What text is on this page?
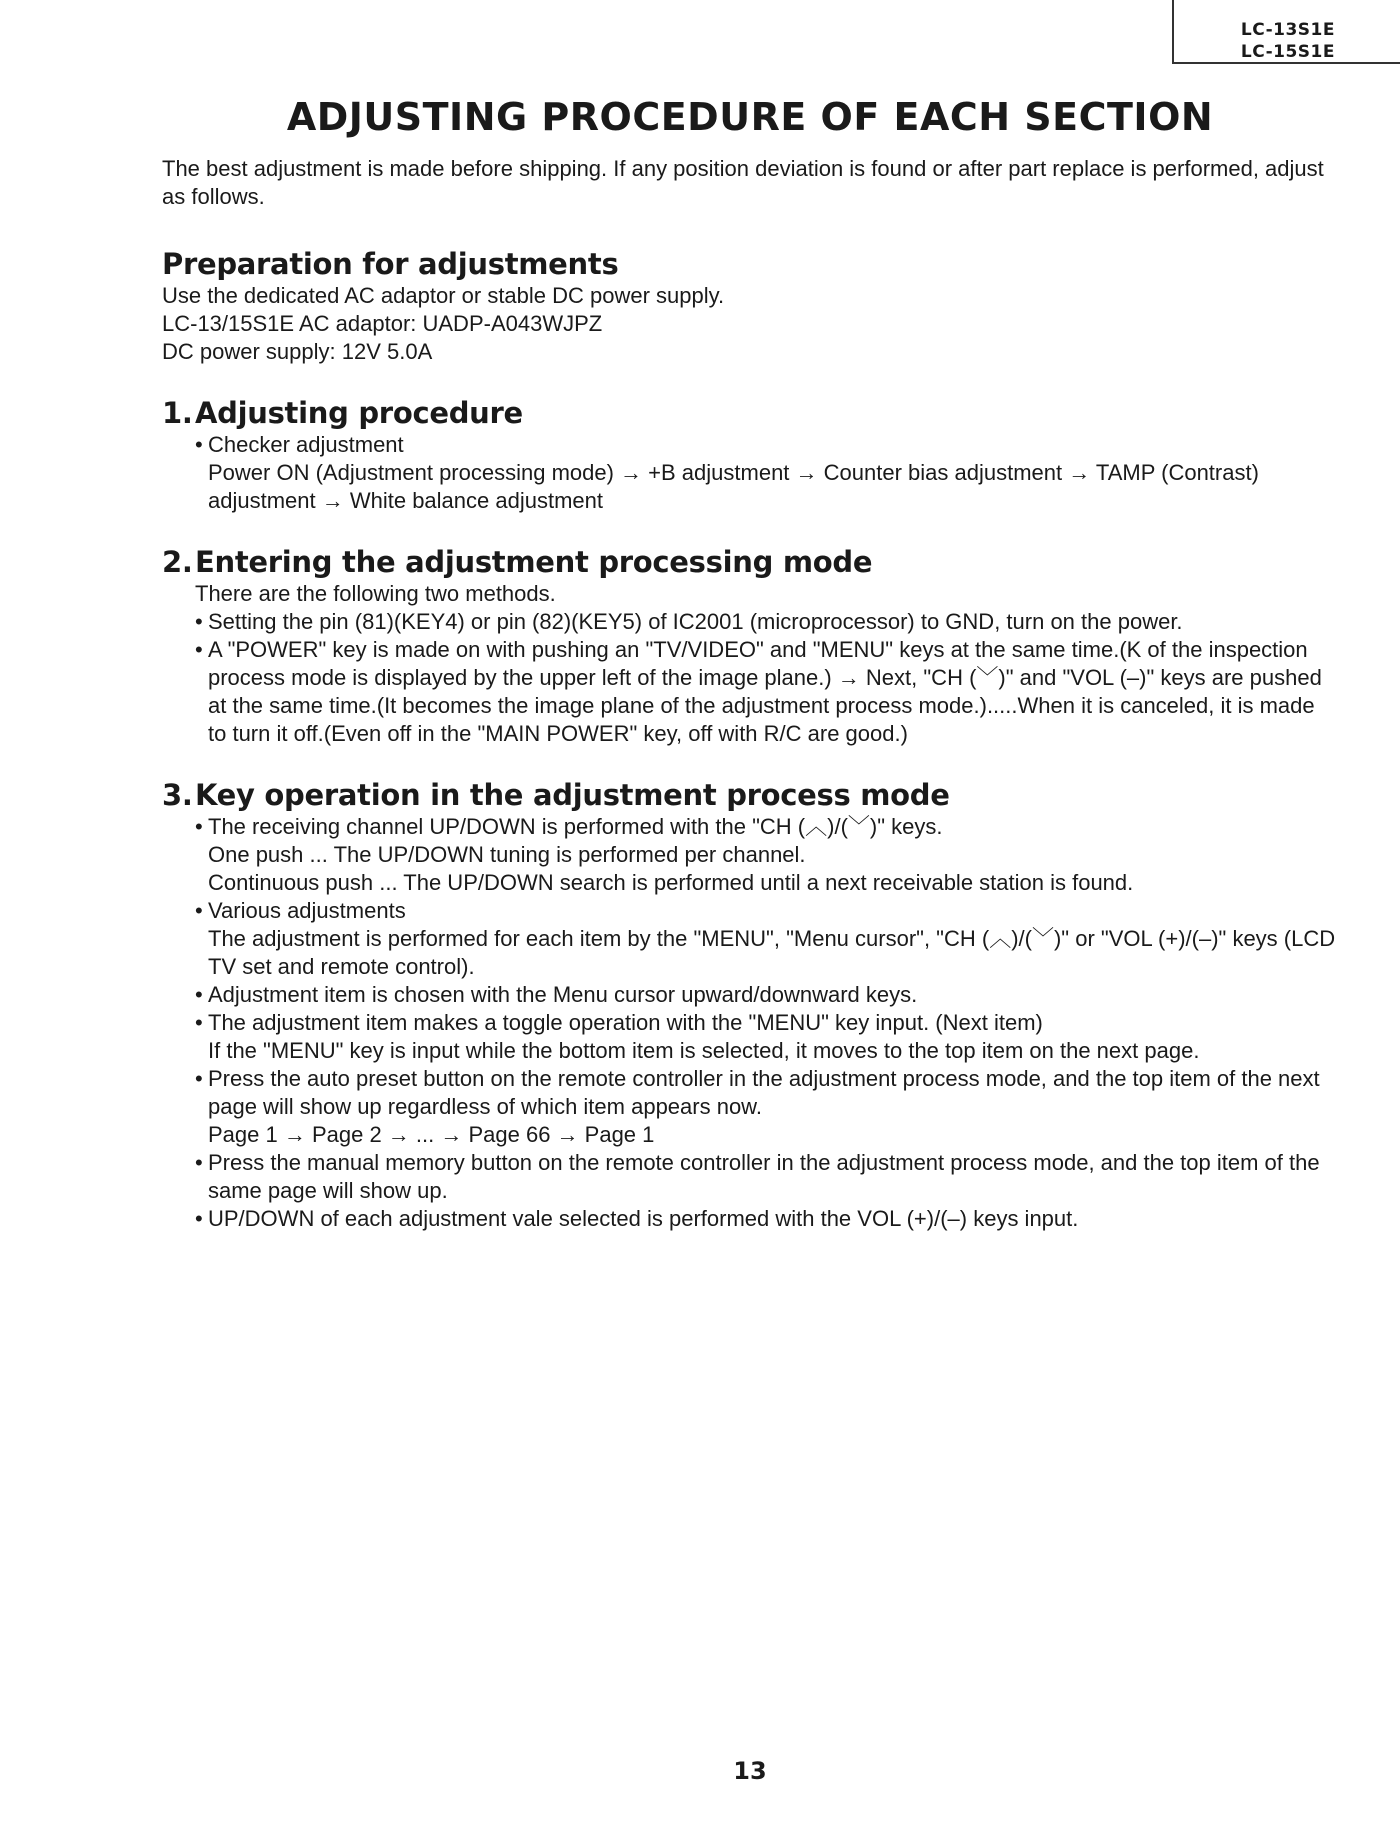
LC-13S1E
LC-15S1E
ADJUSTING PROCEDURE OF EACH SECTION

The best adjustment is made before shipping. If any position deviation is found or after part replace is performed, adjust as follows.

Preparation for adjustments
Use the dedicated AC adaptor or stable DC power supply.
LC-13/15S1E AC adaptor: UADP-A043WJPZ
DC power supply: 12V 5.0A
1.Adjusting procedure
• Checker adjustment
Power ON (Adjustment processing mode) → +B adjustment → Counter bias adjustment → TAMP (Contrast) adjustment → White balance adjustment
2.Entering the adjustment processing mode
There are the following two methods.
• Setting the pin (81)(KEY4) or pin (82)(KEY5) of IC2001 (microprocessor) to GND, turn on the power.
• A "POWER" key is made on with pushing an "TV/VIDEO" and "MENU" keys at the same time.(K of the inspection process mode is displayed by the upper left of the image plane.) → Next, "CH (﹀)" and "VOL (–)" keys are pushed at the same time.(It becomes the image plane of the adjustment process mode.).....When it is canceled, it is made to turn it off.(Even off in the "MAIN POWER" key, off with R/C are good.)
3.Key operation in the adjustment process mode
• The receiving channel UP/DOWN is performed with the "CH (︿)/(﹀)" keys.
One push ... The UP/DOWN tuning is performed per channel.
Continuous push ... The UP/DOWN search is performed until a next receivable station is found.
• Various adjustments
The adjustment is performed for each item by the "MENU", "Menu cursor", "CH (︿)/(﹀)" or "VOL (+)/(–)" keys (LCD TV set and remote control).
• Adjustment item is chosen with the Menu cursor upward/downward keys.
• The adjustment item makes a toggle operation with the "MENU" key input. (Next item)
If the "MENU" key is input while the bottom item is selected, it moves to the top item on the next page.
• Press the auto preset button on the remote controller in the adjustment process mode, and the top item of the next page will show up regardless of which item appears now.
Page 1 → Page 2 → ... → Page 66 → Page 1
• Press the manual memory button on the remote controller in the adjustment process mode, and the top item of the same page will show up.
• UP/DOWN of each adjustment vale selected is performed with the VOL (+)/(–) keys input.
13
